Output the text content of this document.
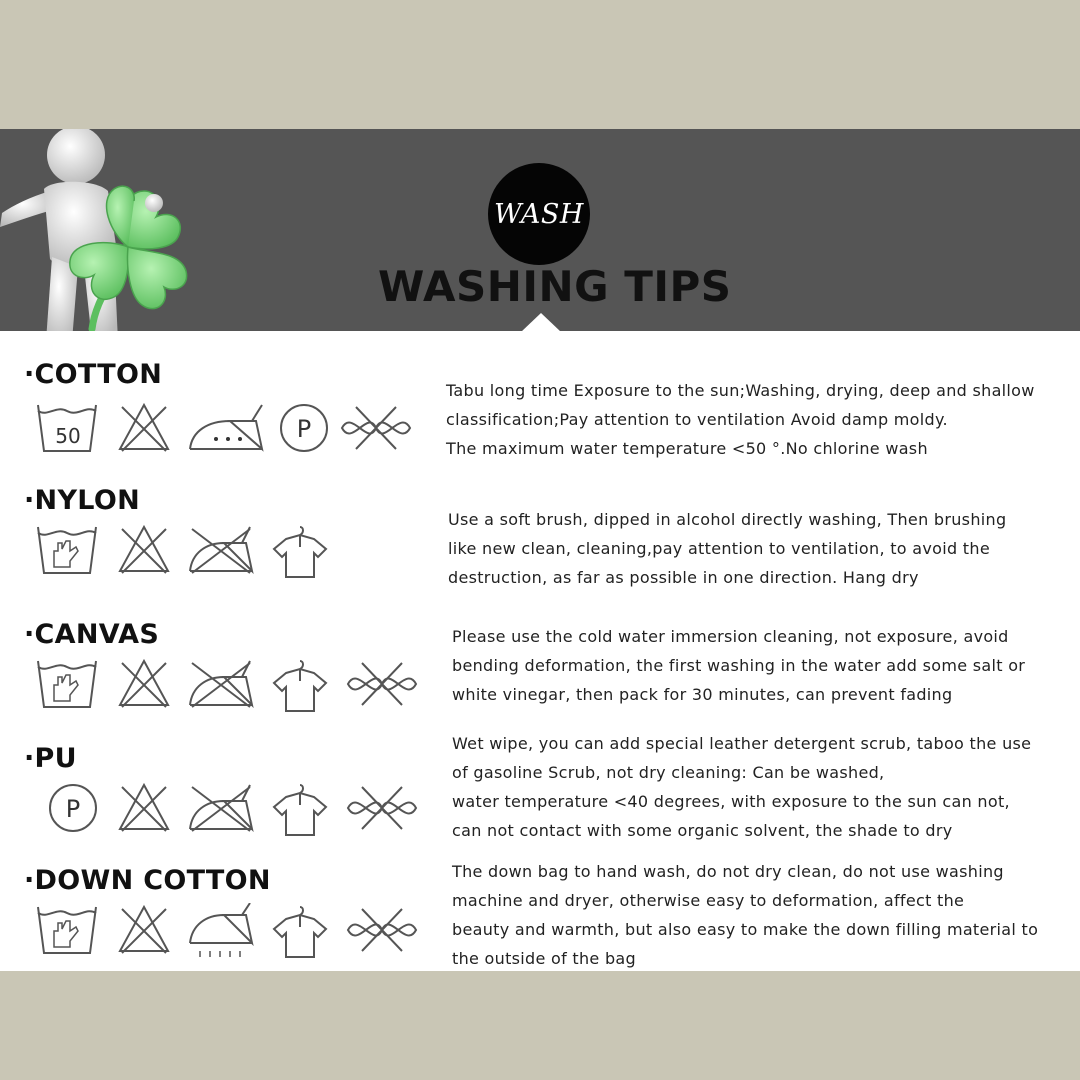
WASH
WASHING TIPS
·COTTON
50	P
Tabu long time Exposure to the sun;Washing, drying, deep and shallow
classification;Pay attention to ventilation Avoid damp moldy.
The maximum water temperature <50 °.No chlorine wash
·NYLON
Use a soft brush, dipped in alcohol directly washing, Then brushing
like new clean, cleaning,pay attention to ventilation, to avoid the
destruction, as far as possible in one direction. Hang dry
·CANVAS	Please use the cold water immersion cleaning, not exposure, avoid
bending deformation, the first washing in the water add some salt or
white vinegar, then pack for 30 minutes, can prevent fading
·PU
P
Wet wipe, you can add special leather detergent scrub, taboo the use
of gasoline Scrub, not dry cleaning: Can be washed,
water temperature <40 degrees, with exposure to the sun can not,
can not contact with some organic solvent, the shade to dry
·DOWN COTTON	The down bag to hand wash, do not dry clean, do not use washing
machine and dryer, otherwise easy to deformation, affect the
beauty and warmth, but also easy to make the down filling material to
the outside of the bag
